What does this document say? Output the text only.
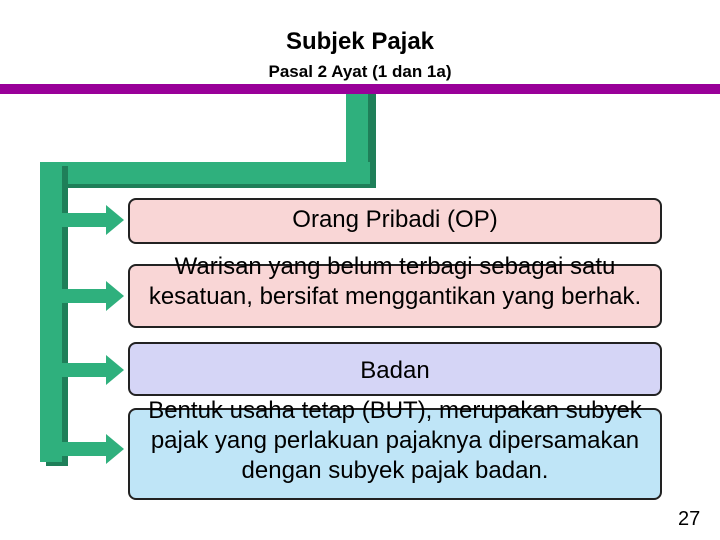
Subjek Pajak
Pasal 2 Ayat (1 dan 1a)
Orang Pribadi (OP)
Warisan yang belum terbagi sebagai satu kesatuan, bersifat menggantikan yang berhak.
Badan
Bentuk usaha tetap (BUT), merupakan subyek pajak yang perlakuan pajaknya dipersamakan dengan subyek pajak badan.
27
